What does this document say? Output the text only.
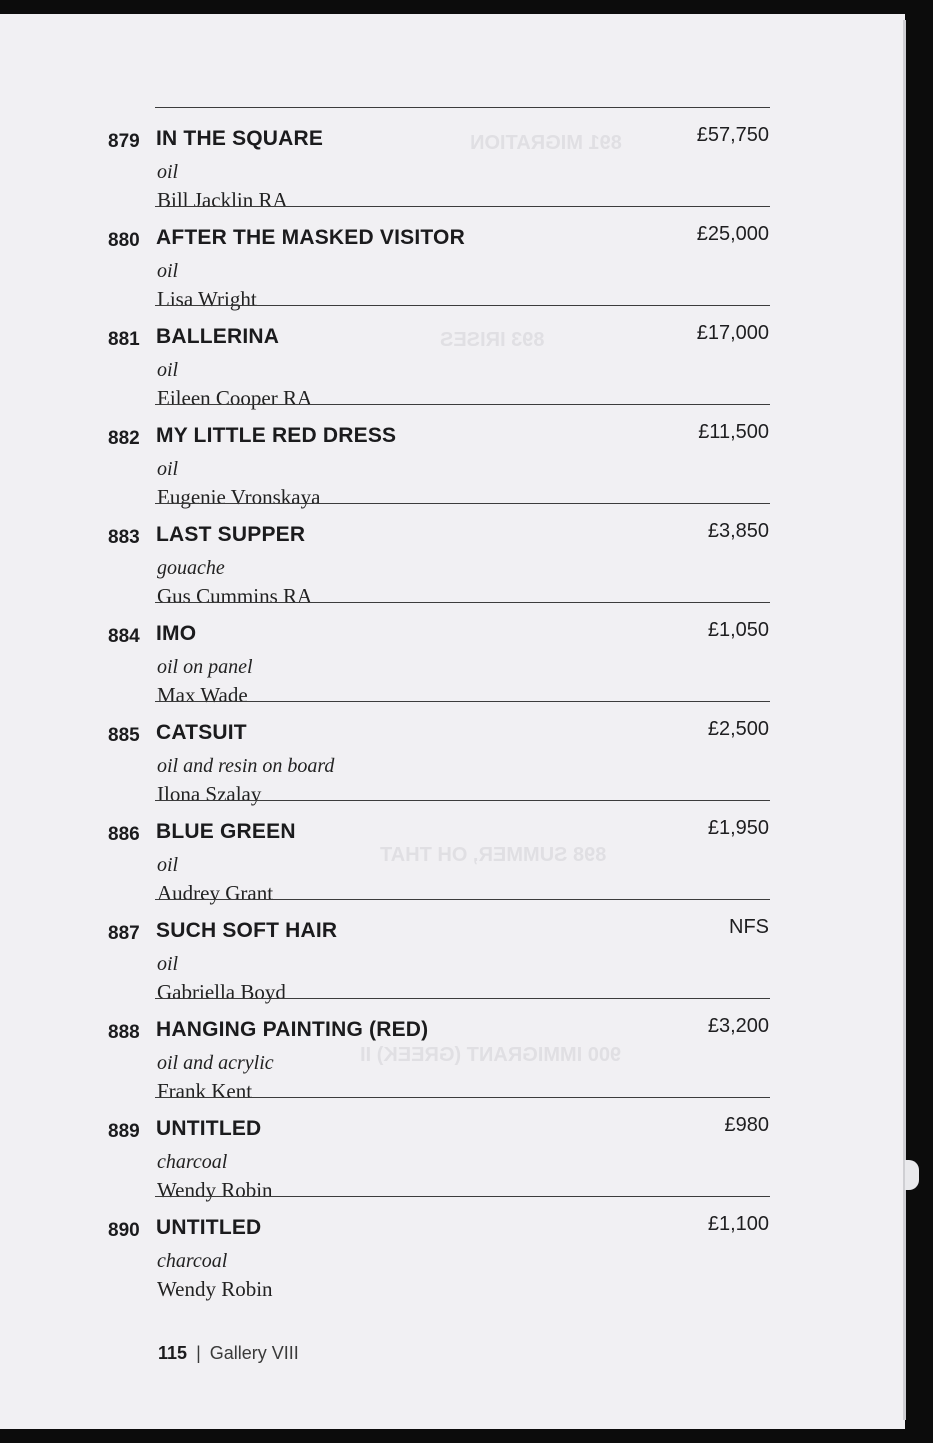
891 MIGRATION
893 IRISES
898 SUMMER, OH THAT
900 IMMIGRANT (GREEK) II
879 IN THE SQUARE	£57,750
oil
Bill Jacklin RA
880 AFTER THE MASKED VISITOR	£25,000
oil
Lisa Wright
881 BALLERINA	£17,000
oil
Eileen Cooper RA
882 MY LITTLE RED DRESS	£11,500
oil
Eugenie Vronskaya
883 LAST SUPPER	£3,850
gouache
Gus Cummins RA
884 IMO	£1,050
oil on panel
Max Wade
885 CATSUIT	£2,500
oil and resin on board
Ilona Szalay
886 BLUE GREEN	£1,950
oil
Audrey Grant
887 SUCH SOFT HAIR	NFS
oil
Gabriella Boyd
888 HANGING PAINTING (RED)	£3,200
oil and acrylic
Frank Kent
889 UNTITLED	£980
charcoal
Wendy Robin
890 UNTITLED	£1,100
charcoal
Wendy Robin
115 | Gallery VIII
